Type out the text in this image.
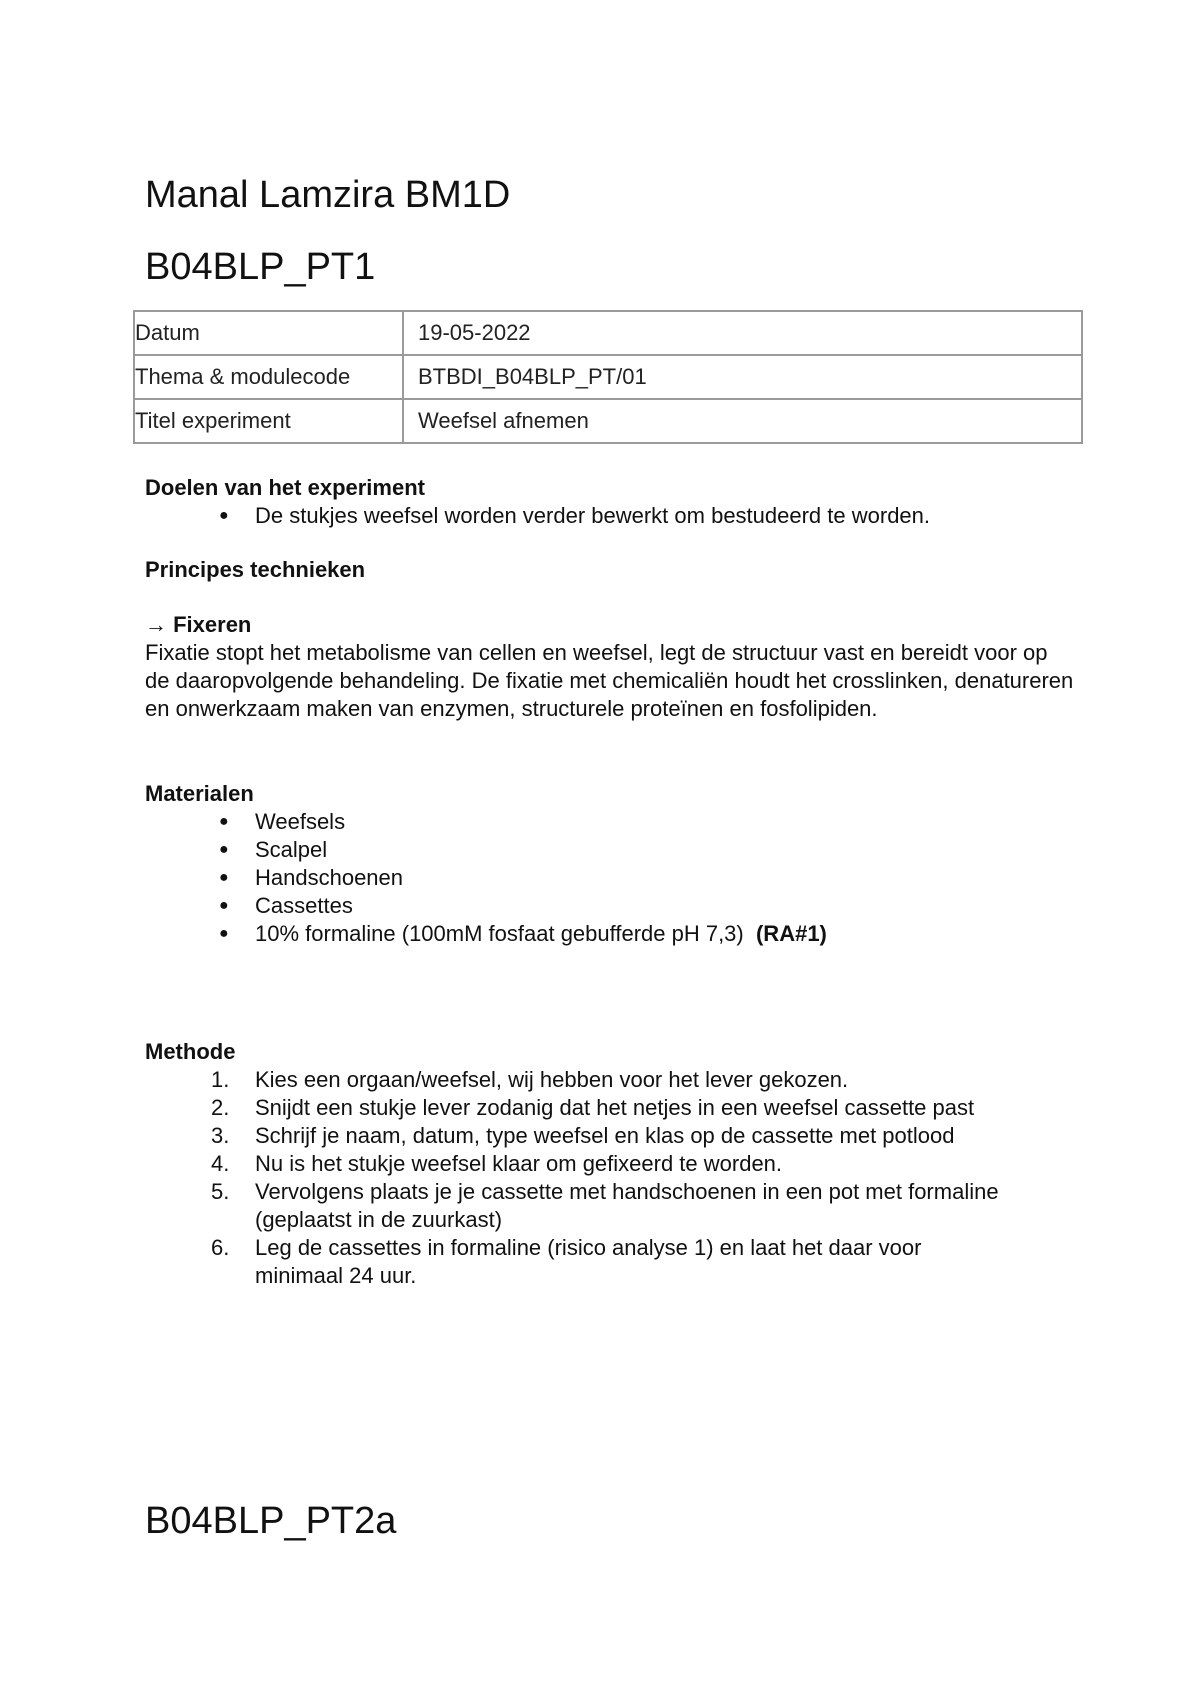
Manal Lamzira BM1D
B04BLP_PT1
Datum	19-05-2022
Thema & modulecode	BTBDI_B04BLP_PT/01
Titel experiment	Weefsel afnemen

Doelen van het experiment

● De stukjes weefsel worden verder bewerkt om bestudeerd te worden.

Principes technieken

→ Fixeren

Fixatie stopt het metabolisme van cellen en weefsel, legt de structuur vast en bereidt voor op de daaropvolgende behandeling. De fixatie met chemicaliën houdt het crosslinken, denatureren en onwerkzaam maken van enzymen, structurele proteïnen en fosfolipiden.

Materialen

● Weefsels
● Scalpel
● Handschoenen
● Cassettes
● 10% formaline (100mM fosfaat gebufferde pH 7,3) (RA#1)

Methode

1.	Kies een orgaan/weefsel, wij hebben voor het lever gekozen.
2.	Snijdt een stukje lever zodanig dat het netjes in een weefsel cassette past
3.	Schrijf je naam, datum, type weefsel en klas op de cassette met potlood
4.	Nu is het stukje weefsel klaar om gefixeerd te worden.
5.	Vervolgens plaats je je cassette met handschoenen in een pot met formaline (geplaatst in de zuurkast)
6.	Leg de cassettes in formaline (risico analyse 1) en laat het daar voor minimaal 24 uur.
B04BLP_PT2a
